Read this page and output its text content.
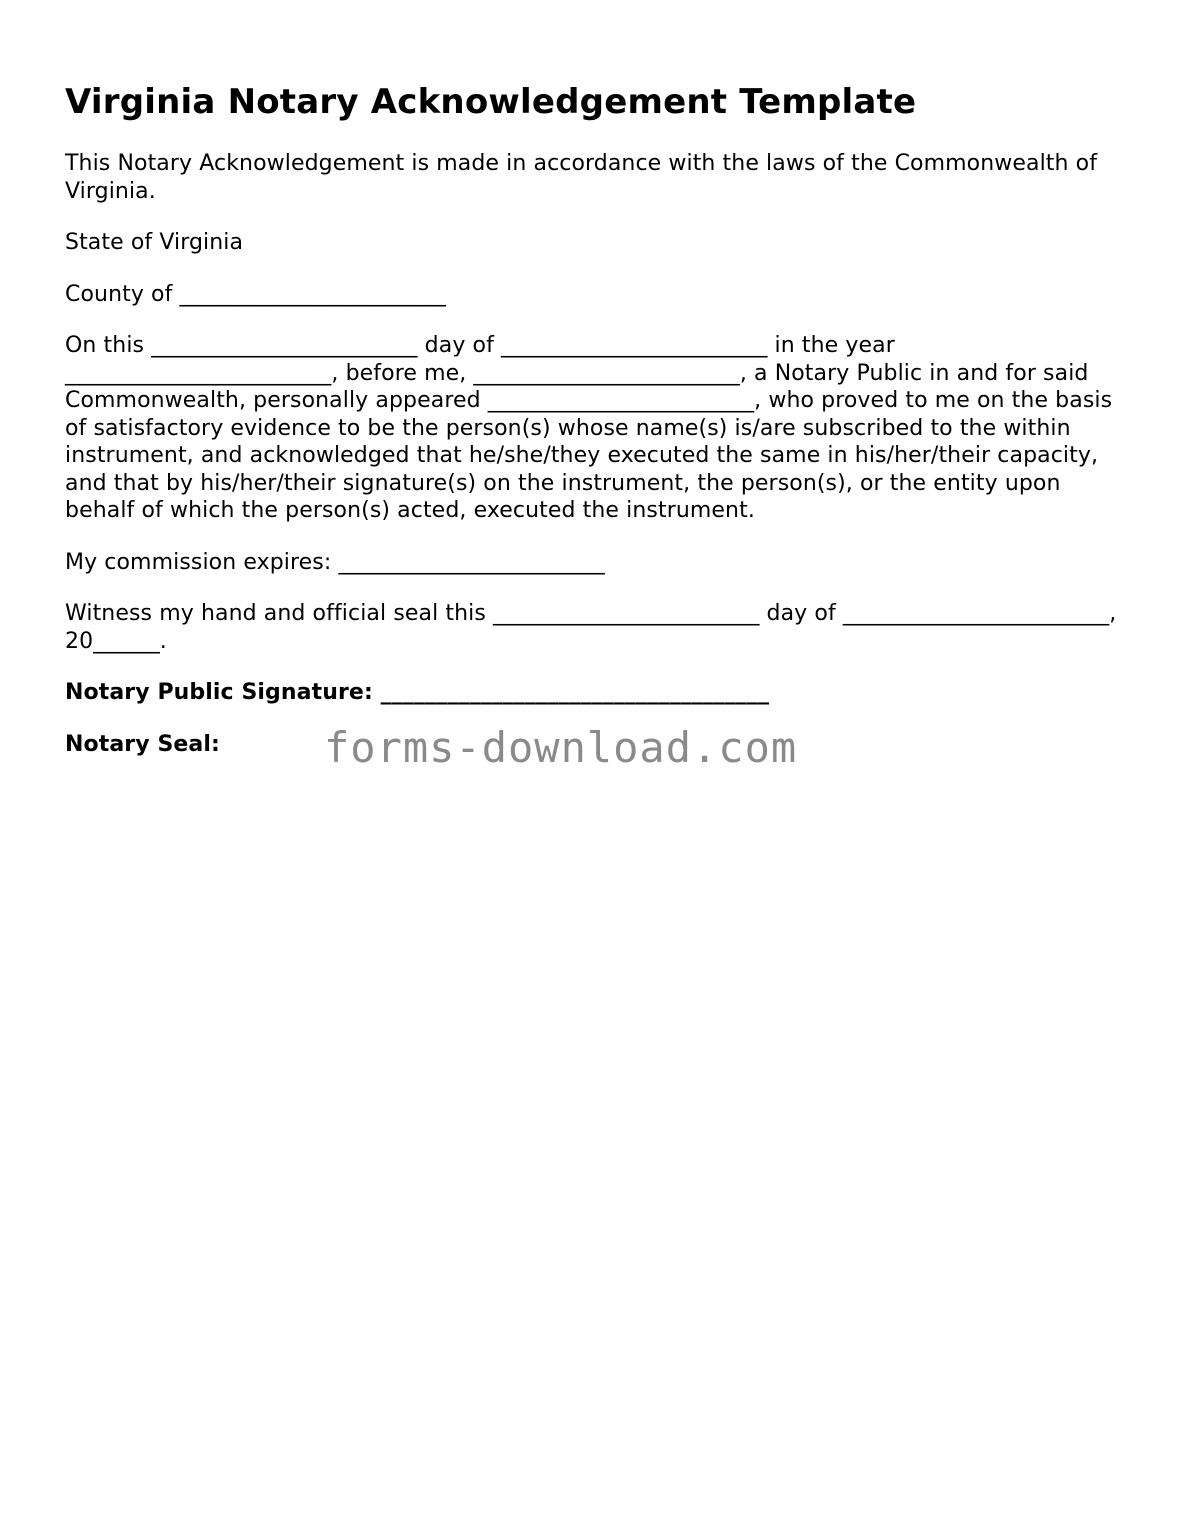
Virginia Notary Acknowledgement Template

This Notary Acknowledgement is made in accordance with the laws of the Commonwealth of Virginia.

State of Virginia

County of ________________________

On this ________________________ day of ________________________ in the year ________________________, before me, ________________________, a Notary Public in and for said Commonwealth, personally appeared ________________________, who proved to me on the basis of satisfactory evidence to be the person(s) whose name(s) is/are subscribed to the within instrument, and acknowledged that he/she/they executed the same in his/her/their capacity, and that by his/her/their signature(s) on the instrument, the person(s), or the entity upon behalf of which the person(s) acted, executed the instrument.

My commission expires: ________________________

Witness my hand and official seal this ________________________ day of ________________________, 20______.

Notary Public Signature: ___________________________________

Notary Seal: forms-download.com
